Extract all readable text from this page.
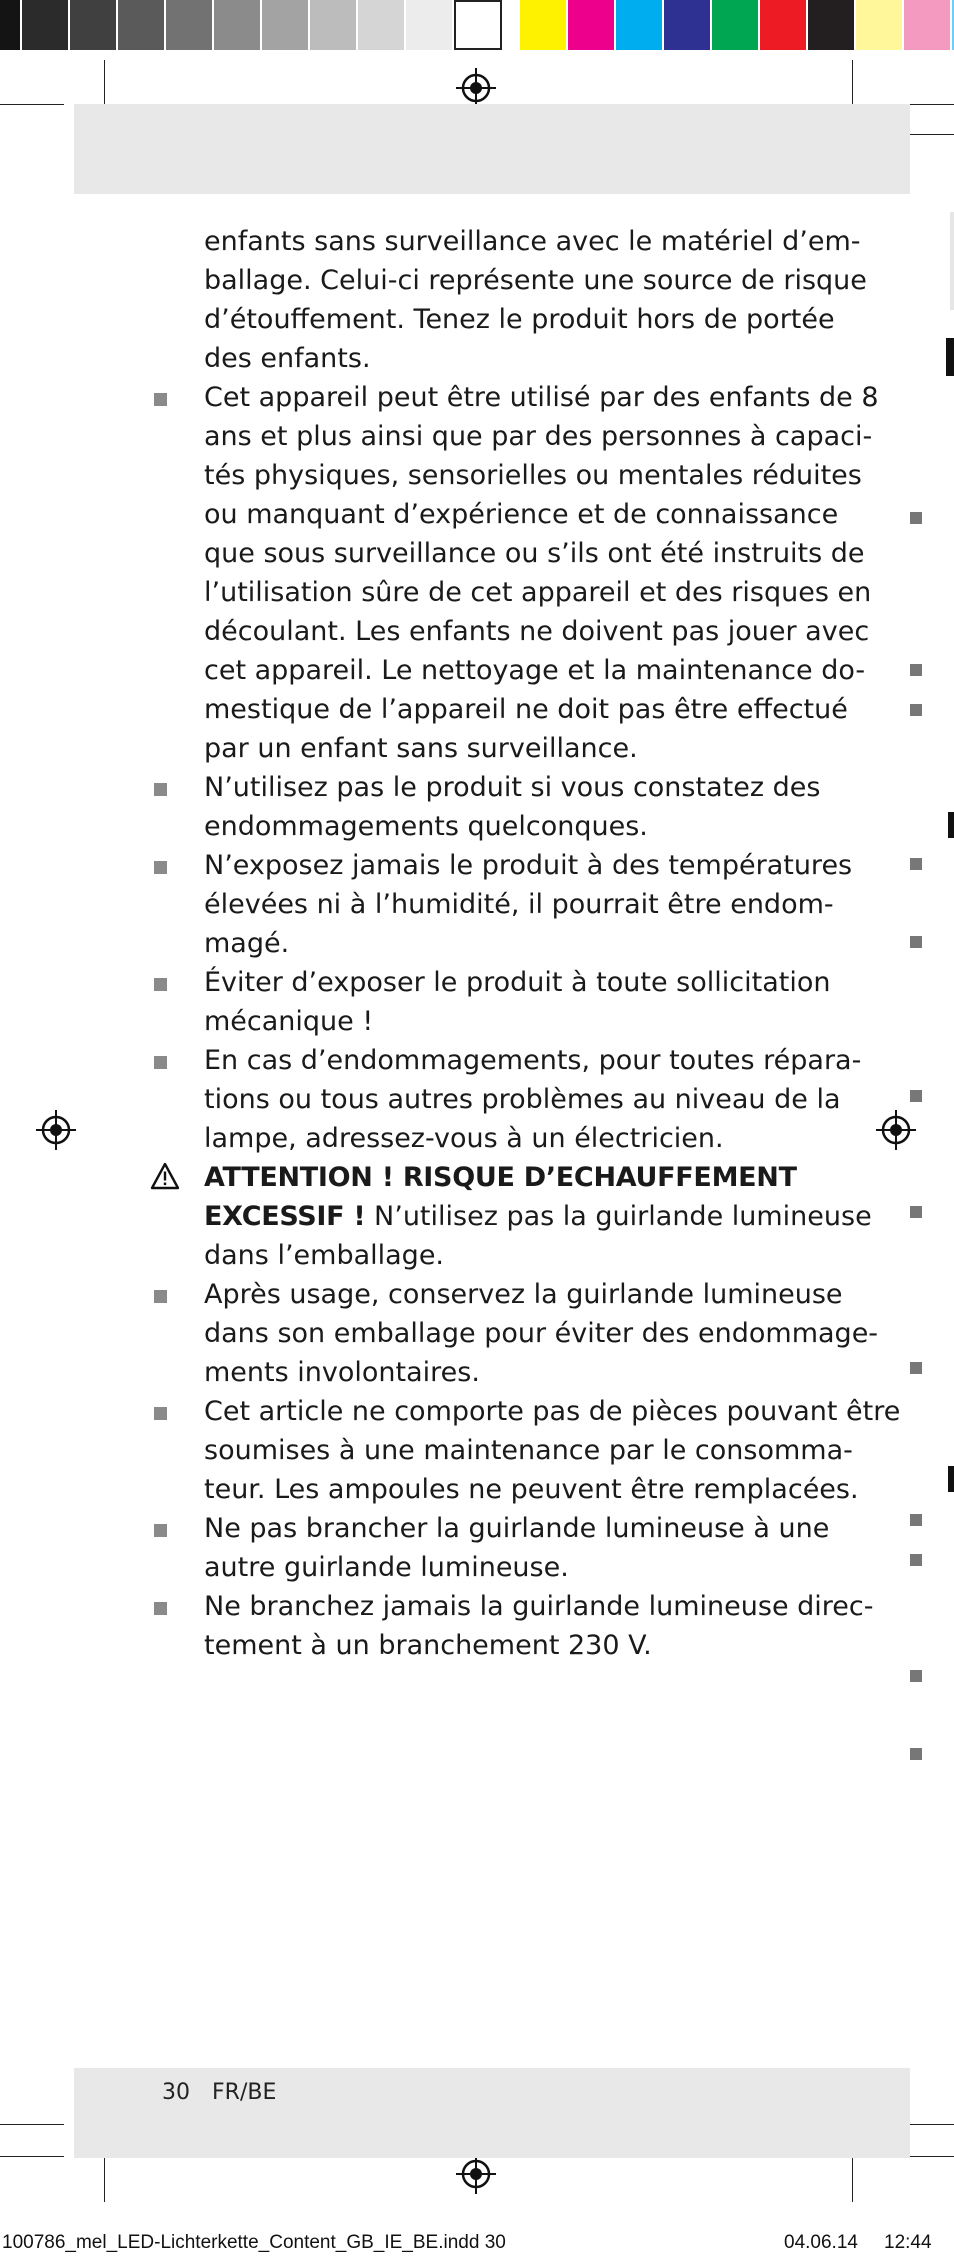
enfants sans surveillance avec le matériel d’em-
ballage. Celui-ci représente une source de risque
d’étouffement. Tenez le produit hors de portée
des enfants.
Cet appareil peut être utilisé par des enfants de 8
ans et plus ainsi que par des personnes à capaci-
tés physiques, sensorielles ou mentales réduites
ou manquant d’expérience et de connaissance
que sous surveillance ou s’ils ont été instruits de
l’utilisation sûre de cet appareil et des risques en
découlant. Les enfants ne doivent pas jouer avec
cet appareil. Le nettoyage et la maintenance do-
mestique de l’appareil ne doit pas être effectué
par un enfant sans surveillance.
N’utilisez pas le produit si vous constatez des
endommagements quelconques.
N’exposez jamais le produit à des températures
élevées ni à l’humidité, il pourrait être endom-
magé.
Éviter d’exposer le produit à toute sollicitation
mécanique !
En cas d’endommagements, pour toutes répara-
tions ou tous autres problèmes au niveau de la
lampe, adressez-vous à un électricien.
ATTENTION ! RISQUE D’ECHAUFFEMENT
EXCESSIF ! N’utilisez pas la guirlande lumineuse
dans l’emballage.
Après usage, conservez la guirlande lumineuse
dans son emballage pour éviter des endommage-
ments involontaires.
Cet article ne comporte pas de pièces pouvant être
soumises à une maintenance par le consomma-
teur. Les ampoules ne peuvent être remplacées.
Ne pas brancher la guirlande lumineuse à une
autre guirlande lumineuse.
Ne branchez jamais la guirlande lumineuse direc-
tement à un branchement 230 V.
30 FR/BE
100786_mel_LED-Lichterkette_Content_GB_IE_BE.indd 30	04.06.14 12:44
